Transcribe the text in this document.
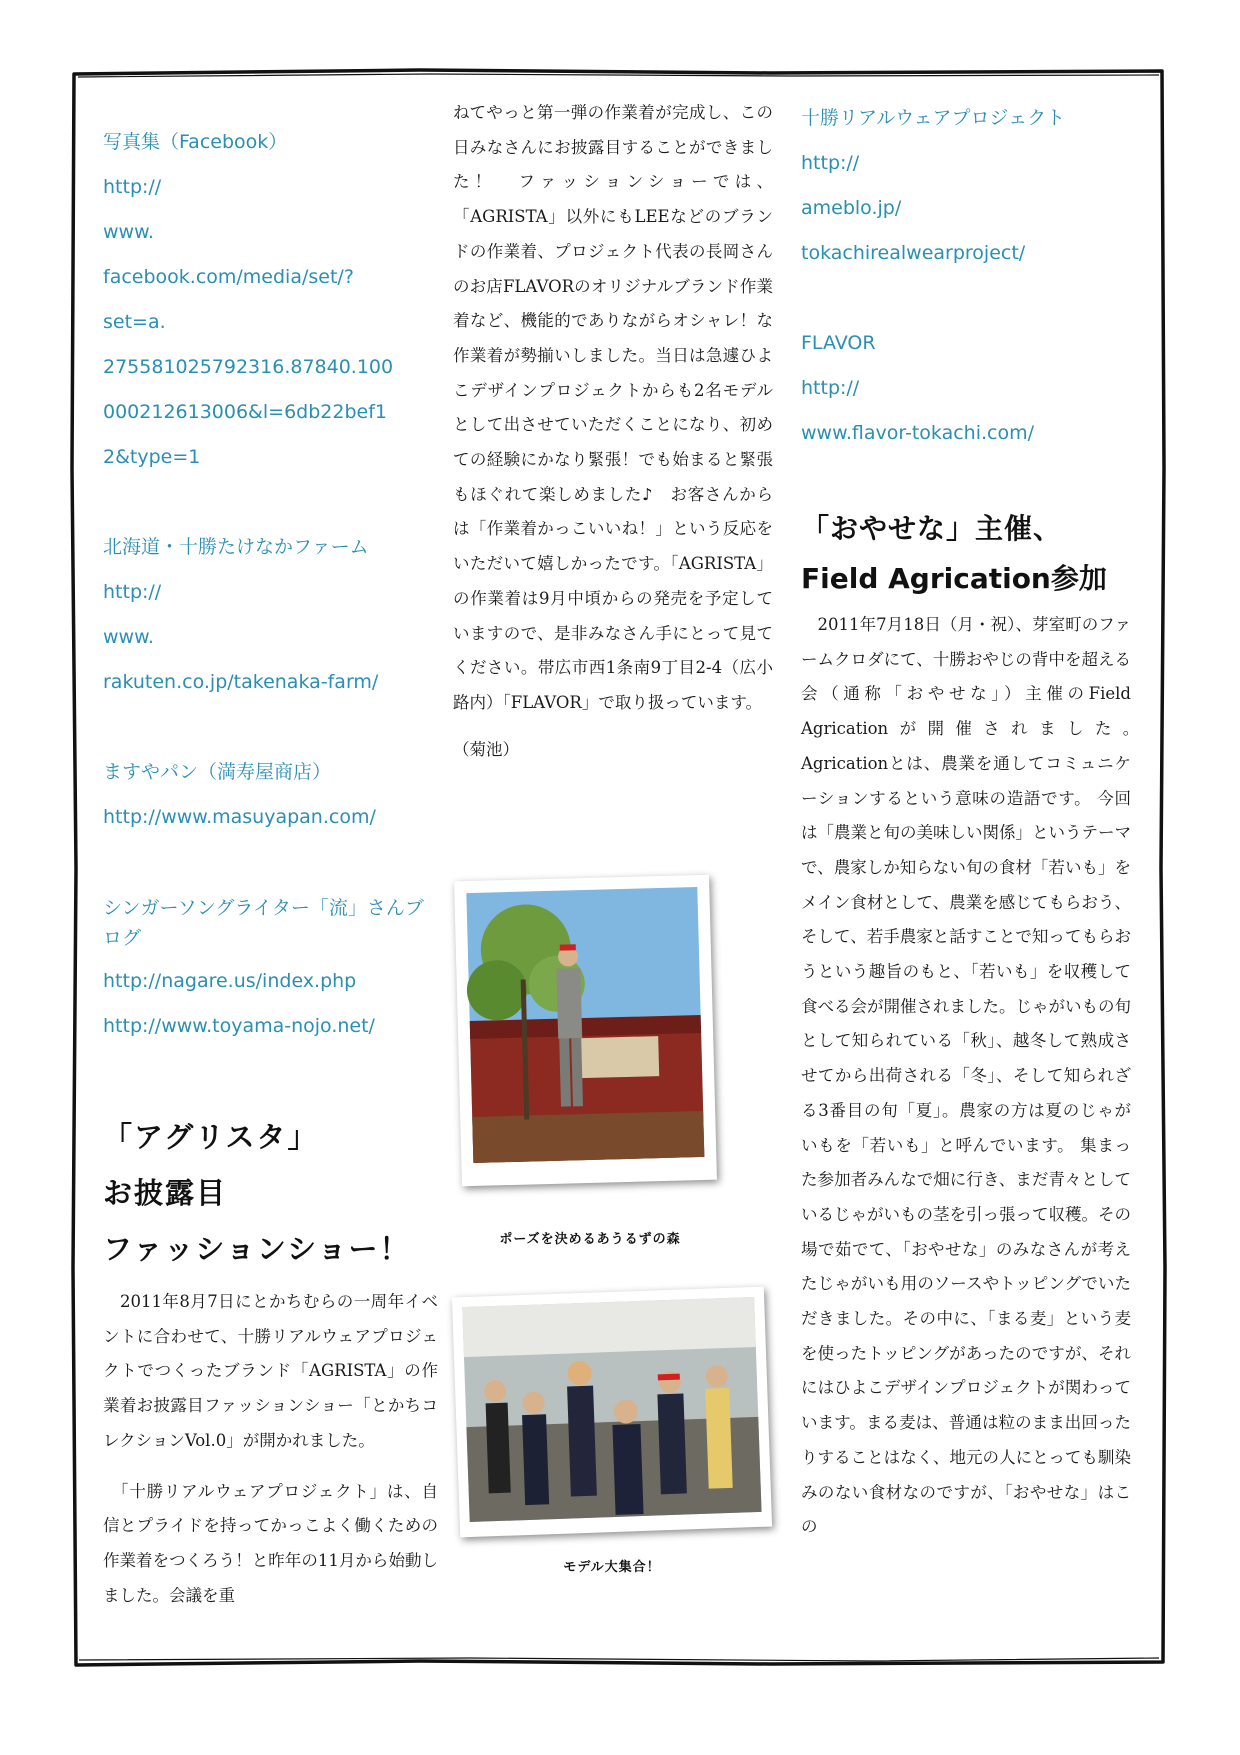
写真集（Facebook）
http://
www.
facebook.com/media/set/?
set=a.
275581025792316.87840.100
000212613006&l=6db22bef1
2&type=1
北海道・十勝たけなかファーム
http://
www.
rakuten.co.jp/takenaka-farm/
ますやパン（満寿屋商店）
http://www.masuyapan.com/
シンガーソングライター「流」さんブログ
http://nagare.us/index.php
http://www.toyama-nojo.net/
「アグリスタ」
お披露目
ファッションショー！

　2011年8月7日にとかちむらの一周年イベントに合わせて、十勝リアルウェアプロジェクトでつくったブランド「AGRISTA」の作業着お披露目ファッションショー「とかちコレクションVol.0」が開かれました。

　「十勝リアルウェアプロジェクト」は、自信とプライドを持ってかっこよく働くための作業着をつくろう！と昨年の11月から始動しました。会議を重

ねてやっと第一弾の作業着が完成し、この日みなさんにお披露目することができました！　ファッションショーでは、「AGRISTA」以外にもLEEなどのブランドの作業着、プロジェクト代表の長岡さんのお店FLAVORのオリジナルブランド作業着など、機能的でありながらオシャレ！な作業着が勢揃いしました。当日は急遽ひよこデザインプロジェクトからも2名モデルとして出させていただくことになり、初めての経験にかなり緊張！でも始まると緊張もほぐれて楽しめました♪　お客さんからは「作業着かっこいいね！」という反応をいただいて嬉しかったです。「AGRISTA」の作業着は9月中頃からの発売を予定していますので、是非みなさん手にとって見てください。帯広市西1条南9丁目2-4（広小路内）「FLAVOR」で取り扱っています。

（菊池）

ポーズを決めるあうるずの森
モデル大集合！
十勝リアルウェアプロジェクト
http://
ameblo.jp/
tokachirealwearproject/
FLAVOR
http://
www.flavor-tokachi.com/
「おやせな」主催、
Field Agrication参加

　2011年7月18日（月・祝）、芽室町のファームクロダにて、十勝おやじの背中を超える会（通称「おやせな」）主催のField Agricationが開催されました。　Agricationとは、農業を通してコミュニケーションするという意味の造語です。 今回は「農業と旬の美味しい関係」というテーマで、農家しか知らない旬の食材「若いも」をメイン食材として、農業を感じてもらおう、そして、若手農家と話すことで知ってもらおうという趣旨のもと、「若いも」を収穫して食べる会が開催されました。じゃがいもの旬として知られている「秋」、越冬して熟成させてから出荷される「冬」、そして知られざる3番目の旬「夏」。農家の方は夏のじゃがいもを「若いも」と呼んでいます。 集まった参加者みんなで畑に行き、まだ青々としているじゃがいもの茎を引っ張って収穫。その場で茹でて、「おやせな」のみなさんが考えたじゃがいも用のソースやトッピングでいただきました。その中に、「まる麦」という麦を使ったトッピングがあったのですが、それにはひよこデザインプロジェクトが関わっています。まる麦は、普通は粒のまま出回ったりすることはなく、地元の人にとっても馴染みのない食材なのですが、「おやせな」はこの
